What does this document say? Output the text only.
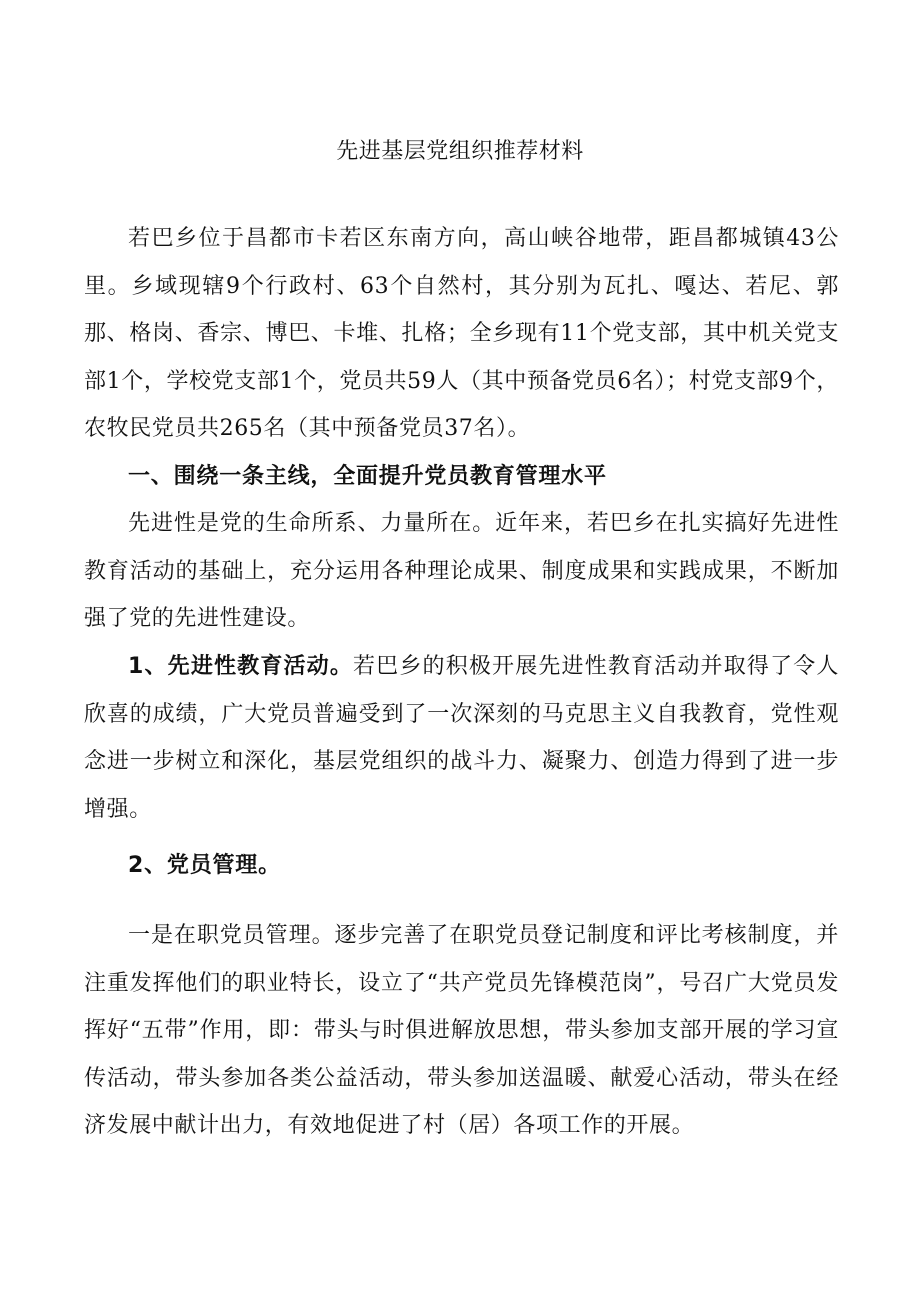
先进基层党组织推荐材料

若巴乡位于昌都市卡若区东南方向，高山峡谷地带，距昌都城镇43公里。乡域现辖9个行政村、63个自然村，其分别为瓦扎、嘎达、若尼、郭那、格岗、香宗、博巴、卡堆、扎格；全乡现有11个党支部，其中机关党支部1个，学校党支部1个，党员共59人（其中预备党员6名）；村党支部9个，农牧民党员共265名（其中预备党员37名）。

一、围绕一条主线，全面提升党员教育管理水平

先进性是党的生命所系、力量所在。近年来，若巴乡在扎实搞好先进性教育活动的基础上，充分运用各种理论成果、制度成果和实践成果，不断加强了党的先进性建设。

1、先进性教育活动。若巴乡的积极开展先进性教育活动并取得了令人欣喜的成绩，广大党员普遍受到了一次深刻的马克思主义自我教育，党性观念进一步树立和深化，基层党组织的战斗力、凝聚力、创造力得到了进一步增强。

2、党员管理。

一是在职党员管理。逐步完善了在职党员登记制度和评比考核制度，并注重发挥他们的职业特长，设立了“共产党员先锋模范岗”，号召广大党员发挥好“五带”作用，即：带头与时俱进解放思想，带头参加支部开展的学习宣传活动，带头参加各类公益活动，带头参加送温暖、献爱心活动，带头在经济发展中献计出力，有效地促进了村（居）各项工作的开展。
